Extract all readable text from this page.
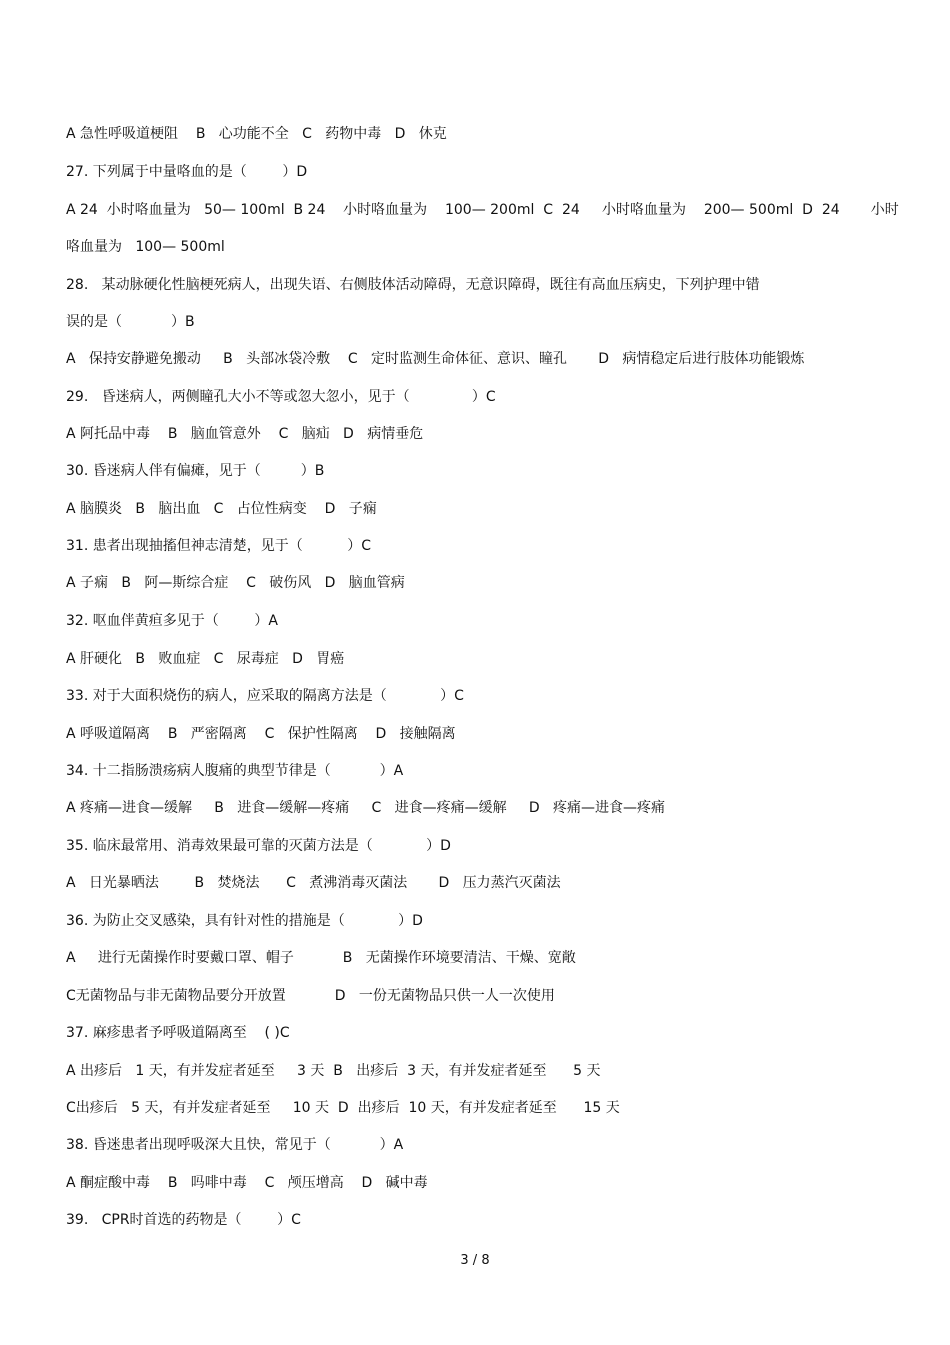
A 急性呼吸道梗阻    B   心功能不全   C   药物中毒   D   休克
27. 下列属于中量咯血的是（        ）D
A 24  小时咯血量为   50— 100ml  B 24    小时咯血量为    100— 200ml  C  24     小时咯血量为    200— 500ml  D  24       小时
咯血量为   100— 500ml
28.   某动脉硬化性脑梗死病人，出现失语、右侧肢体活动障碍，无意识障碍，既往有高血压病史，下列护理中错
误的是（           ）B
A   保持安静避免搬动     B   头部冰袋冷敷    C   定时监测生命体征、意识、瞳孔       D   病情稳定后进行肢体功能锻炼
29.   昏迷病人，两侧瞳孔大小不等或忽大忽小，见于（              ）C
A 阿托品中毒    B   脑血管意外    C   脑疝   D   病情垂危
30. 昏迷病人伴有偏瘫，见于（         ）B
A 脑膜炎   B   脑出血   C   占位性病变    D   子痫
31. 患者出现抽搐但神志清楚，见于（          ）C
A 子痫   B   阿—斯综合症    C   破伤风   D   脑血管病
32. 呕血伴黄疸多见于（        ）A
A 肝硬化   B   败血症   C   尿毒症   D   胃癌
33. 对于大面积烧伤的病人，应采取的隔离方法是（            ）C
A 呼吸道隔离    B   严密隔离    C   保护性隔离    D   接触隔离
34. 十二指肠溃疡病人腹痛的典型节律是（           ）A
A 疼痛—进食—缓解     B   进食—缓解—疼痛     C   进食—疼痛—缓解     D   疼痛—进食—疼痛
35. 临床最常用、消毒效果最可靠的灭菌方法是（            ）D
A   日光暴晒法        B   焚烧法      C   煮沸消毒灭菌法       D   压力蒸汽灭菌法
36. 为防止交叉感染，具有针对性的措施是（            ）D
A     进行无菌操作时要戴口罩、帽子           B   无菌操作环境要清洁、干燥、宽敞
C无菌物品与非无菌物品要分开放置           D   一份无菌物品只供一人一次使用
37. 麻疹患者予呼吸道隔离至    ( )C
A 出疹后   1 天，有并发症者延至     3 天  B   出疹后  3 天，有并发症者延至      5 天
C出疹后   5 天，有并发症者延至     10 天  D  出疹后  10 天，有并发症者延至      15 天
38. 昏迷患者出现呼吸深大且快，常见于（           ）A
A 酮症酸中毒    B   吗啡中毒    C   颅压增高    D   碱中毒
39.   CPR时首选的药物是（        ）C
3 / 8
